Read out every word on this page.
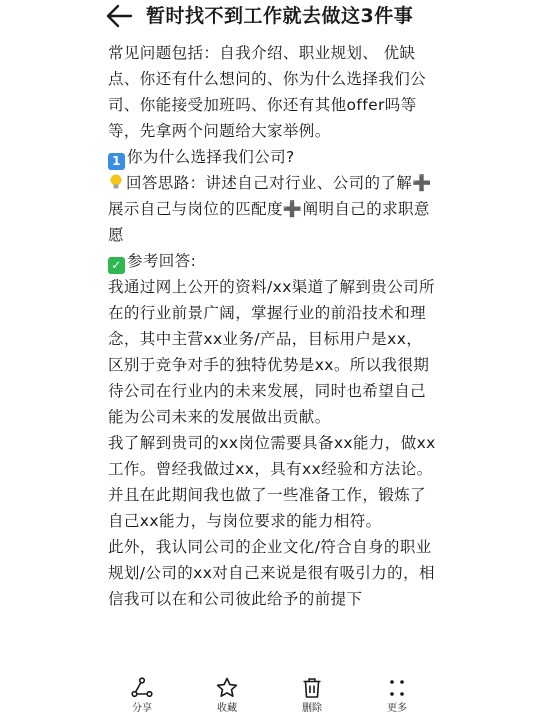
暂时找不到工作就去做这3件事

常见问题包括：自我介绍、职业规划、 优缺点、你还有什么想问的、你为什么选择我们公司、你能接受加班吗、你还有其他offer吗等等，先拿两个问题给大家举例。

1 你为什么选择我们公司?

回答思路：讲述自己对行业、公司的了解➕展示自己与岗位的匹配度➕阐明自己的求职意愿

✓ 参考回答:

我通过网上公开的资料/xx渠道了解到贵公司所在的行业前景广阔，掌握行业的前沿技术和理念，其中主营xx业务/产品，目标用户是xx，区别于竞争对手的独特优势是xx。所以我很期待公司在行业内的未来发展，同时也希望自己能为公司未来的发展做出贡献。

我了解到贵司的xx岗位需要具备xx能力，做xx工作。曾经我做过xx，具有xx经验和方法论。并且在此期间我也做了一些准备工作，锻炼了自己xx能力，与岗位要求的能力相符。

此外，我认同公司的企业文化/符合自身的职业规划/公司的xx对自己来说是很有吸引力的，相信我可以在和公司彼此给予的前提下

分享	收藏	删除	更多
